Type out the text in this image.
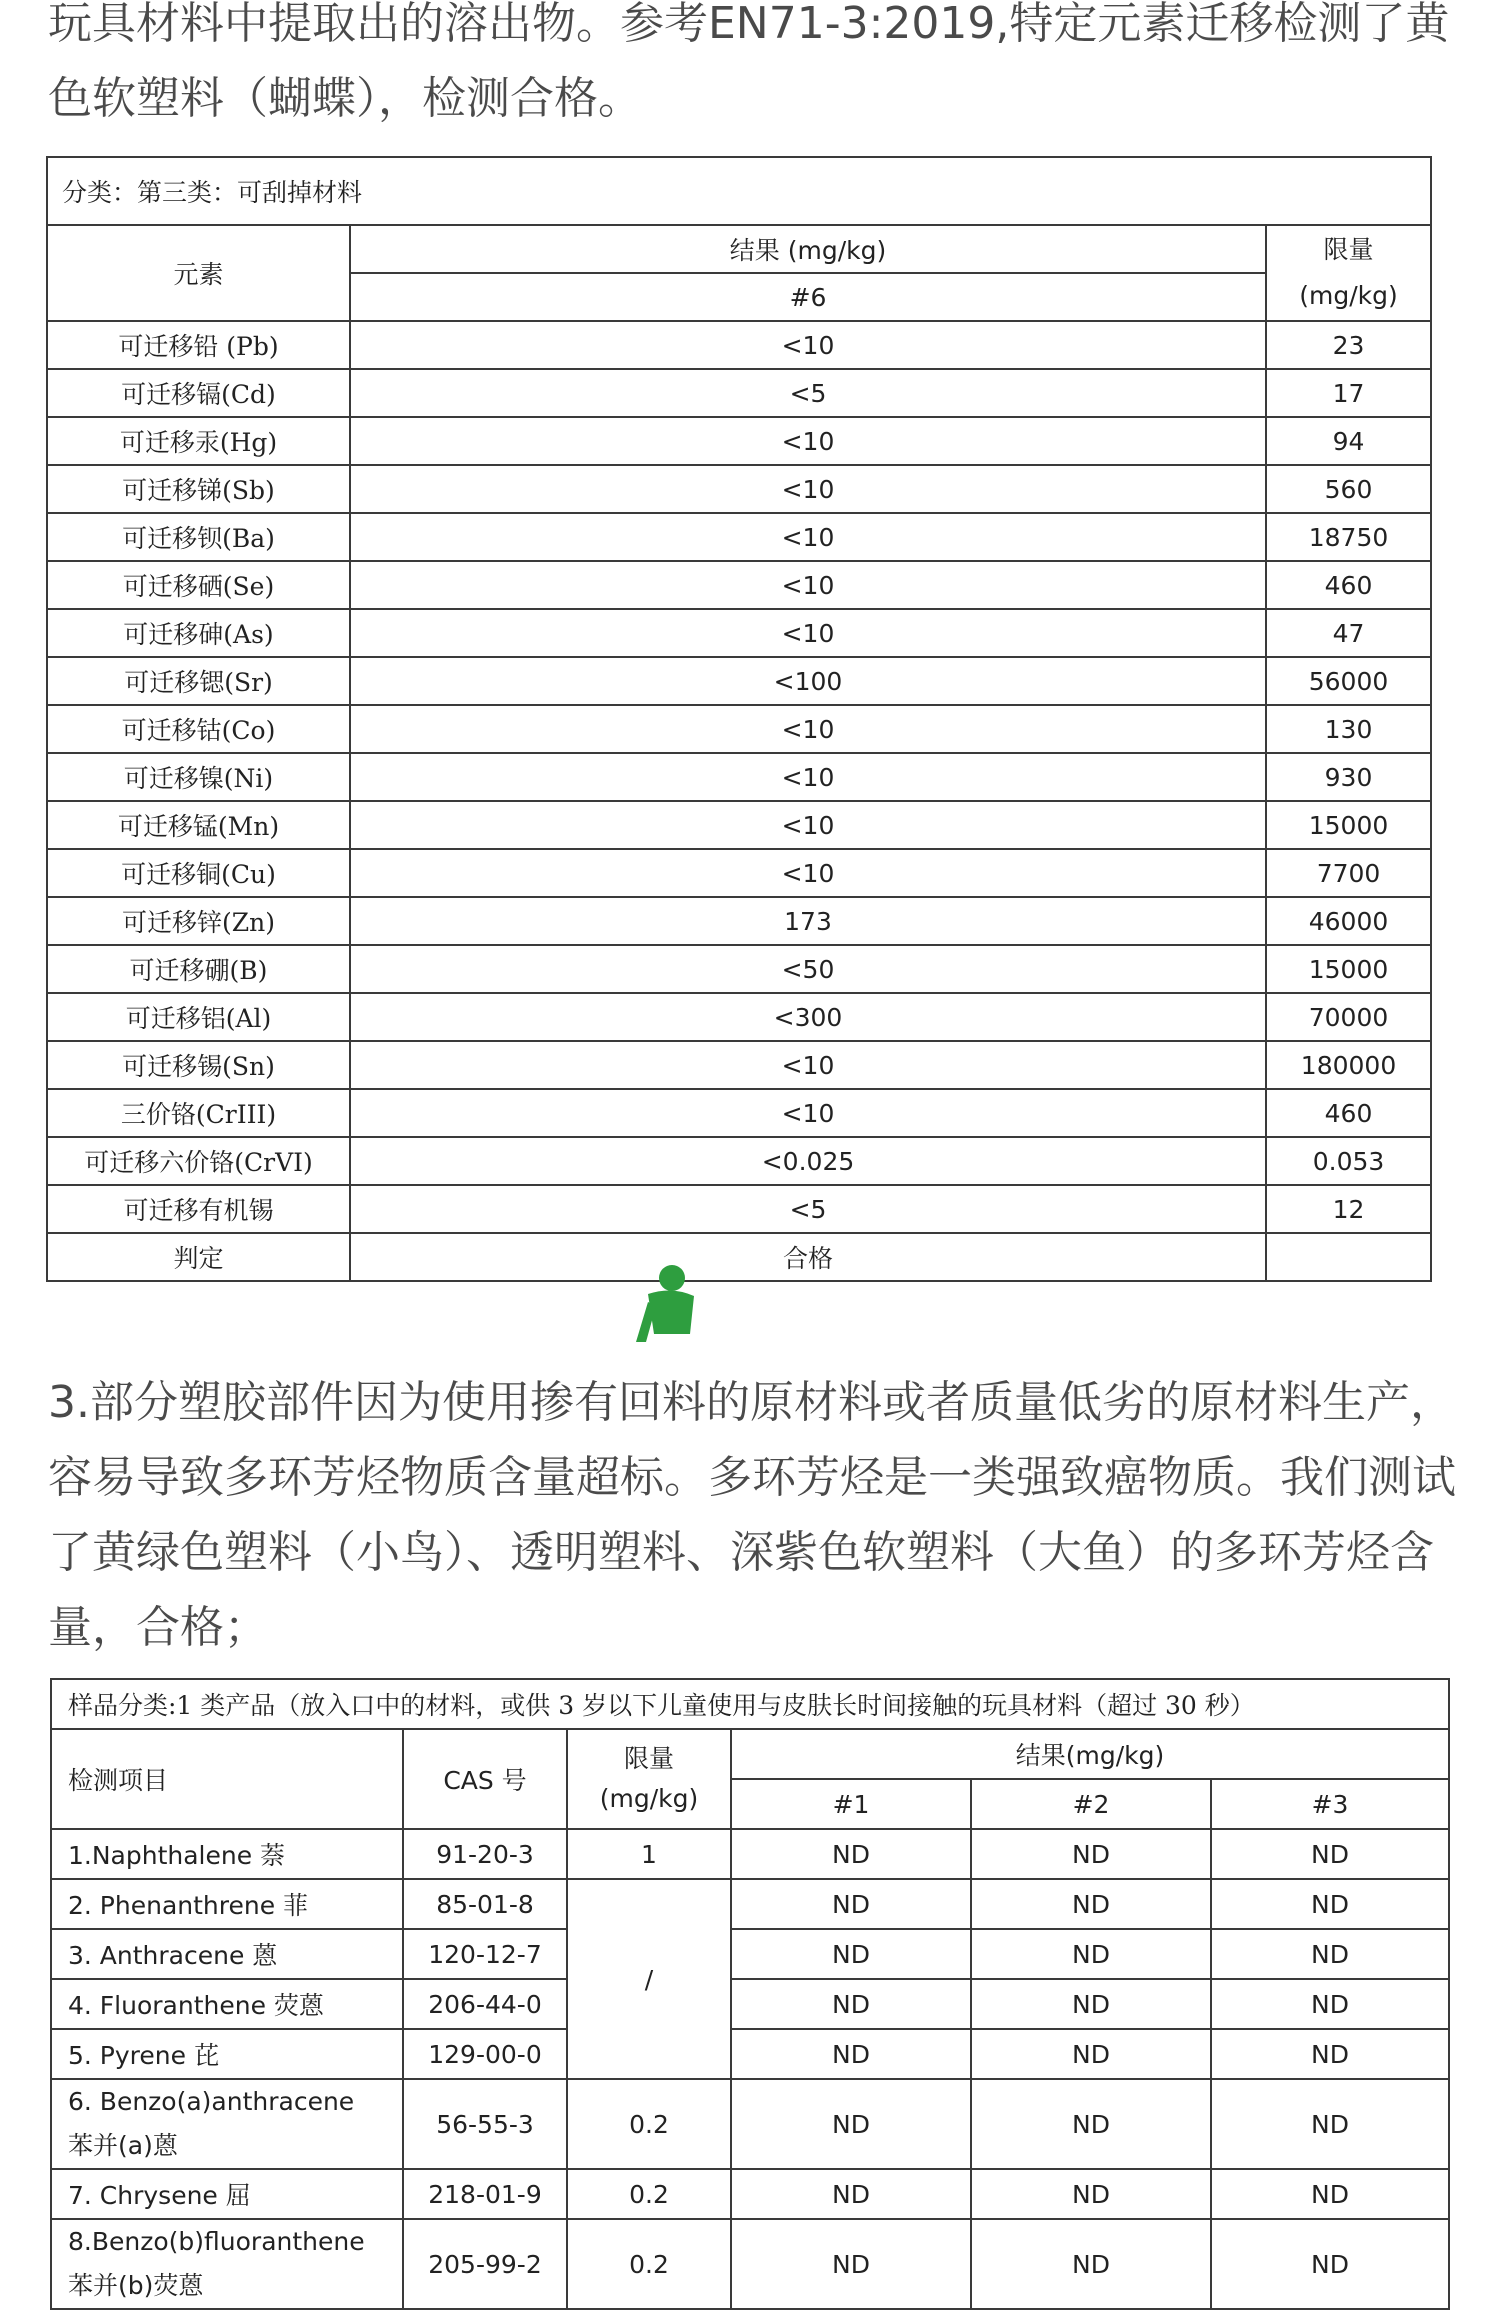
玩具材料中提取出的溶出物。参考EN71-3:2019,特定元素迁移检测了黄色软塑料（蝴蝶），检测合格。

分类：第三类：可刮掉材料		
元素	结果 (mg/kg)	限量
(mg/kg)

	#6	
可迁移铅 (Pb)	<10	23
可迁移镉(Cd)	<5	17
可迁移汞(Hg)	<10	94
可迁移锑(Sb)	<10	560
可迁移钡(Ba)	<10	18750
可迁移硒(Se)	<10	460
可迁移砷(As)	<10	47
可迁移锶(Sr)	<100	56000
可迁移钴(Co)	<10	130
可迁移镍(Ni)	<10	930
可迁移锰(Mn)	<10	15000
可迁移铜(Cu)	<10	7700
可迁移锌(Zn)	173	46000
可迁移硼(B)	<50	15000
可迁移铝(Al)	<300	70000
可迁移锡(Sn)	<10	180000
三价铬(CrIII)	<10	460
可迁移六价铬(CrVI)	<0.025	0.053
可迁移有机锡	<5	12
判定	合格	

3.部分塑胶部件因为使用掺有回料的原材料或者质量低劣的原材料生产，容易导致多环芳烃物质含量超标。多环芳烃是一类强致癌物质。我们测试了黄绿色塑料（小鸟）、透明塑料、深紫色软塑料（大鱼）的多环芳烃含量，合格；

样品分类:1 类产品（放入口中的材料，或供 3 岁以下儿童使用与皮肤长时间接触的玩具材料（超过 30 秒）					
检测项目	CAS 号	限量
(mg/kg)	结果(mg/kg)		
			#1	#2	#3

1.Naphthalene 萘	91-20-3	1	ND	ND	ND

2. Phenanthrene 菲	85-01-8	/	ND	ND	ND

3. Anthracene 蒽	120-12-7		ND	ND	ND

4. Fluoranthene 荧蒽	206-44-0		ND	ND	ND

5. Pyrene 芘	129-00-0		ND	ND	ND

6. Benzo(a)anthracene
苯并(a)蒽	56-55-3	0.2	ND	ND	ND

7. Chrysene 屈	218-01-9	0.2	ND	ND	ND

8.Benzo(b)fluoranthene
苯并(b)荧蒽	205-99-2	0.2	ND	ND	ND
